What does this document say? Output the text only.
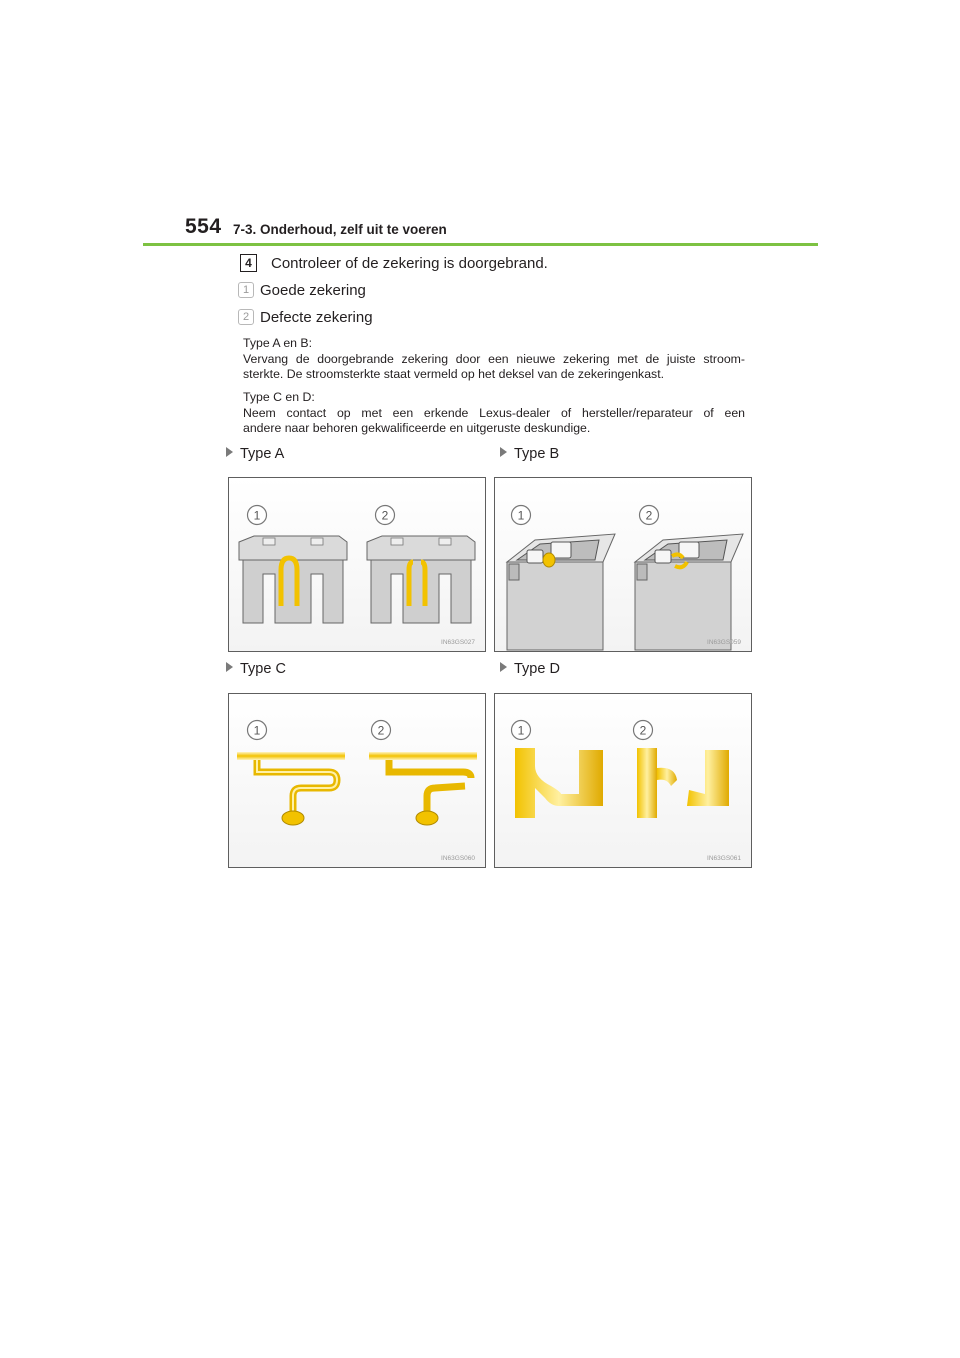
554 7-3. Onderhoud, zelf uit te voeren
4	Controleer of de zekering is doorgebrand.
1 Goede zekering
2 Defecte zekering
Type A en B:
Vervang de doorgebrande zekering door een nieuwe zekering met de juiste stroom-
sterkte. De stroomsterkte staat vermeld op het deksel van de zekeringenkast.
Type C en D:
Neem contact op met een erkende Lexus-dealer of hersteller/reparateur of een
andere naar behoren gekwalificeerde en uitgeruste deskundige.
Type A	Type B
Type C	Type D
1	2
IN63GS027
1	2
IN63GS059
1	2
IN63GS060
1	2
IN63GS061
